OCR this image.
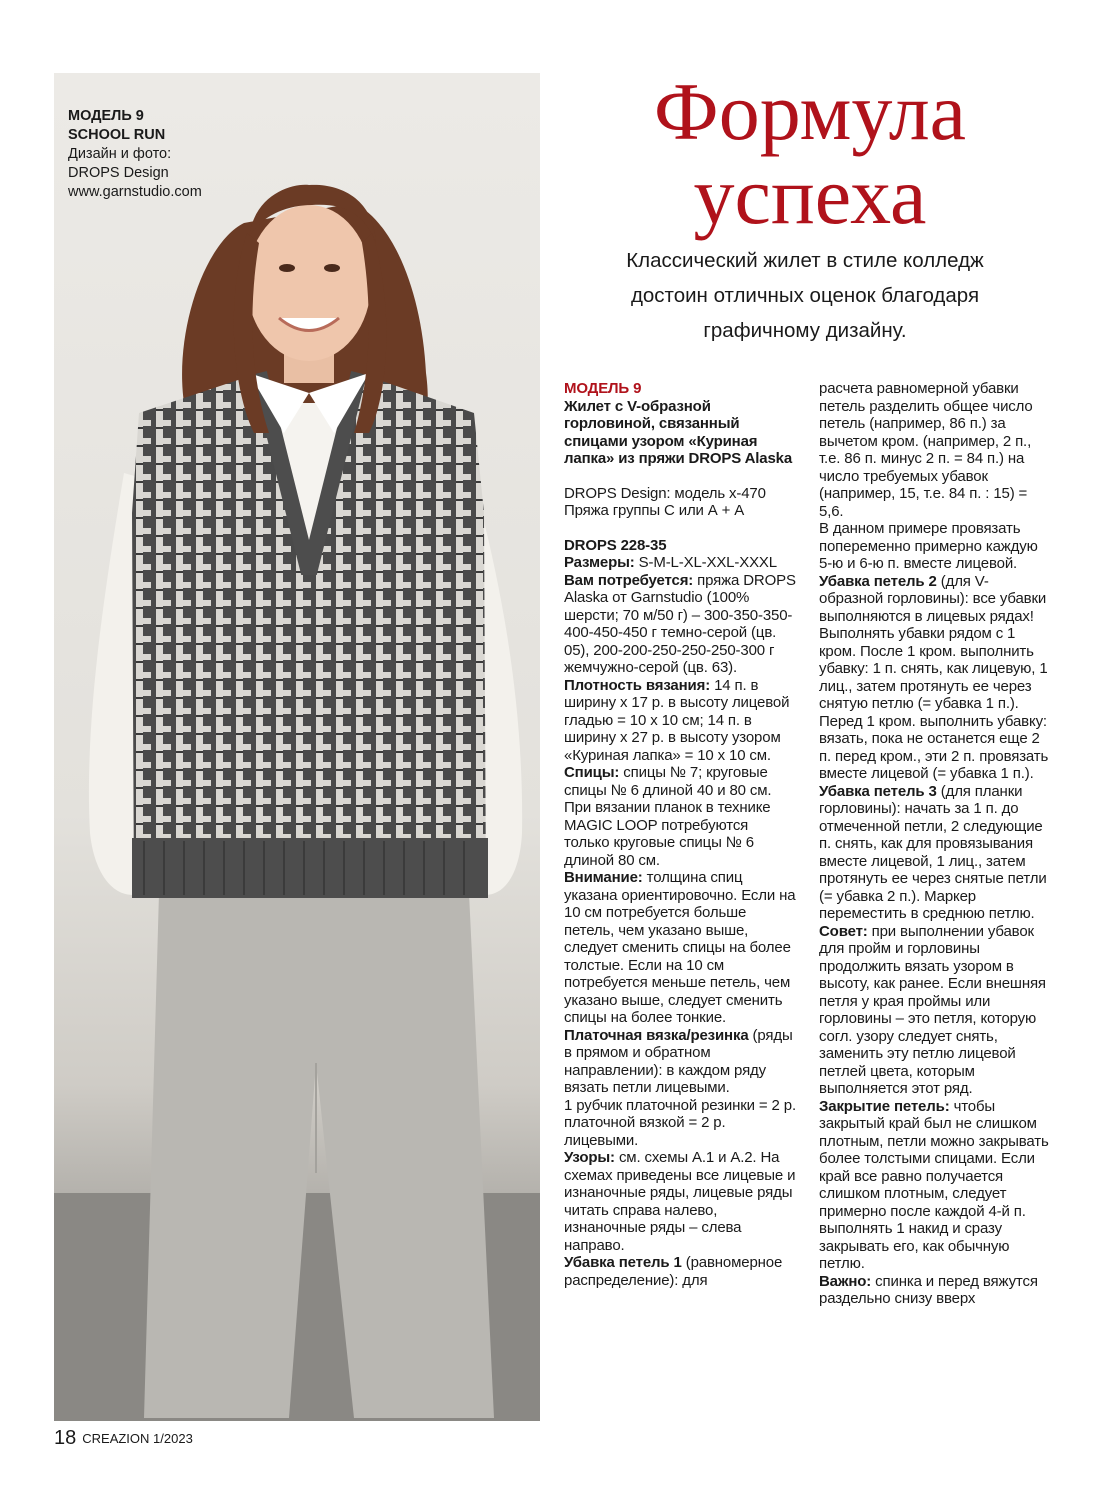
МОДЕЛЬ 9
SCHOOL RUN
Дизайн и фото:
DROPS Design
www.garnstudio.com
Формула
успеха
Классический жилет в стиле колледж
достоин отличных оценок благодаря
графичному дизайну.

МОДЕЛЬ 9

Жилет с V-образной горловиной, связанный спицами узором «Куриная лапка» из пряжи DROPS Alaska

DROPS Design: модель х-470

Пряжа группы С или А + А

DROPS 228-35

Размеры: S-M-L-XL-XXL-XXXL

Вам потребуется: пряжа DROPS Alaska от Garnstudio (100% шерсти; 70 м/50 г) – 300-350-350-400-450-450 г темно-серой (цв. 05), 200-200-250-250-250-300 г жемчужно-серой (цв. 63).

Плотность вязания: 14 п. в ширину х 17 р. в высоту лицевой гладью = 10 х 10 см; 14 п. в ширину х 27 р. в высоту узором «Куриная лапка» = 10 х 10 см.

Спицы: спицы № 7; круговые спицы № 6 длиной 40 и 80 см.

При вязании планок в технике MAGIC LOOP потребуются только круговые спицы № 6 длиной 80 см.

Внимание: толщина спиц указана ориентировочно. Если на 10 см потребуется больше петель, чем указано выше, следует сменить спицы на более толстые. Если на 10 см потребуется меньше петель, чем указано выше, следует сменить спицы на более тонкие.

Платочная вязка/резинка (ряды в прямом и обратном направлении): в каждом ряду вязать петли лицевыми.

1 рубчик платочной резинки = 2 р. платочной вязкой = 2 р. лицевыми.

Узоры: см. схемы А.1 и А.2. На схемах приведены все лицевые и изнаночные ряды, лицевые ряды читать справа налево, изнаночные ряды – слева направо.

Убавка петель 1 (равномерное распределение): для

расчета равномерной убавки петель разделить общее число петель (например, 86 п.) за вычетом кром. (например, 2 п., т.е. 86 п. минус 2 п. = 84 п.) на число требуемых убавок (например, 15, т.е. 84 п. : 15) = 5,6.

В данном примере провязать попеременно примерно каждую 5-ю и 6-ю п. вместе лицевой.

Убавка петель 2 (для V-образной горловины): все убавки выполняются в лицевых рядах! Выполнять убавки рядом с 1 кром. После 1 кром. выполнить убавку: 1 п. снять, как лицевую, 1 лиц., затем протянуть ее через снятую петлю (= убавка 1 п.).

Перед 1 кром. выполнить убавку: вязать, пока не останется еще 2 п. перед кром., эти 2 п. провязать вместе лицевой (= убавка 1 п.).

Убавка петель 3 (для планки горловины): начать за 1 п. до отмеченной петли, 2 следующие п. снять, как для провязывания вместе лицевой, 1 лиц., затем протянуть ее через снятые петли (= убавка 2 п.). Маркер переместить в среднюю петлю.

Совет: при выполнении убавок для пройм и горловины продолжить вязать узором в высоту, как ранее. Если внешняя петля у края проймы или горловины – это петля, которую согл. узору следует снять, заменить эту петлю лицевой петлей цвета, которым выполняется этот ряд.

Закрытие петель: чтобы закрытый край был не слишком плотным, петли можно закрывать более толстыми спицами. Если край все равно получается слишком плотным, следует примерно после каждой 4-й п. выполнять 1 накид и сразу закрывать его, как обычную петлю.

Важно: спинка и перед вяжутся раздельно снизу вверх

18 CREAZION 1/2023
